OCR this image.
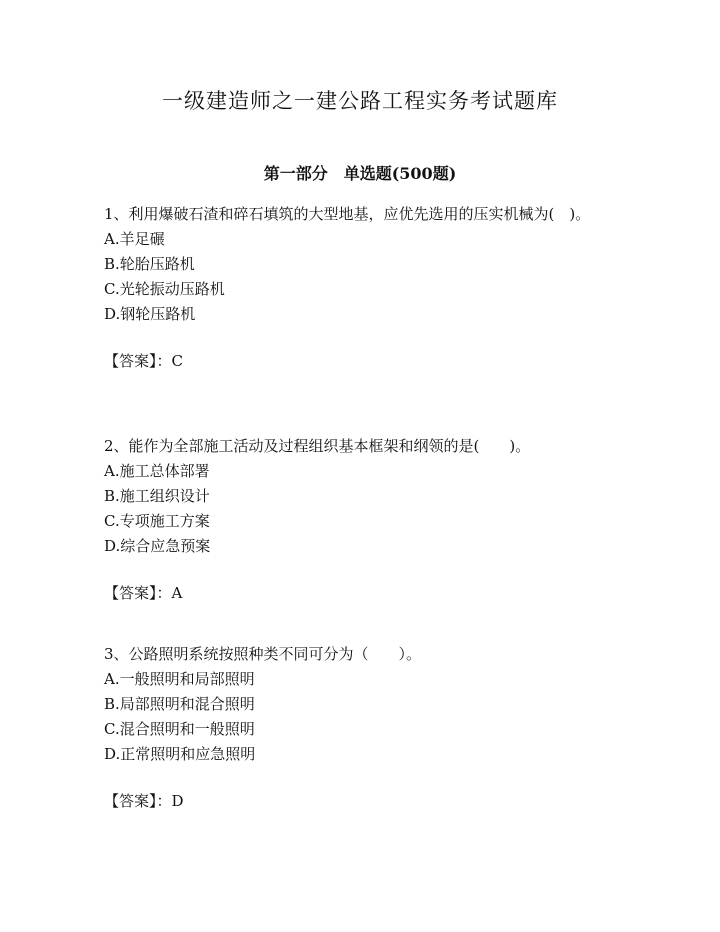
一级建造师之一建公路工程实务考试题库
第一部分　单选题(500题)
1、利用爆破石渣和碎石填筑的大型地基，应优先选用的压实机械为(　)。
A.羊足碾
B.轮胎压路机
C.光轮振动压路机
D.钢轮压路机
【答案】：C
2、能作为全部施工活动及过程组织基本框架和纲领的是(　　)。
A.施工总体部署
B.施工组织设计
C.专项施工方案
D.综合应急预案
【答案】：A
3、公路照明系统按照种类不同可分为（　　）。
A.一般照明和局部照明
B.局部照明和混合照明
C.混合照明和一般照明
D.正常照明和应急照明
【答案】：D
